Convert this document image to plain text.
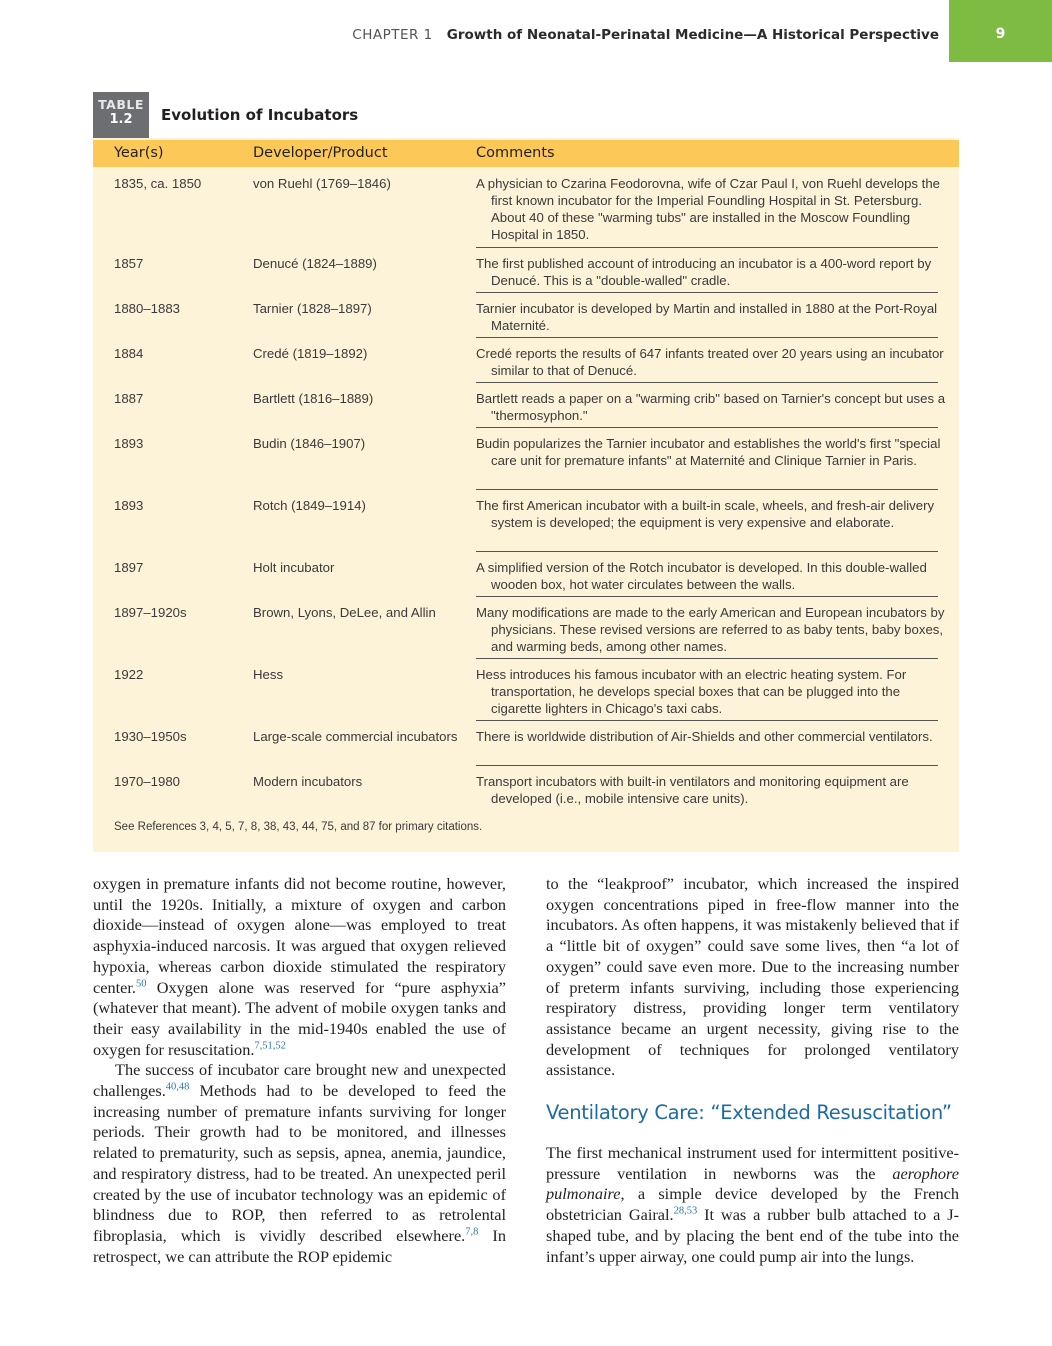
CHAPTER 1 Growth of Neonatal-Perinatal Medicine—A Historical Perspective	9
TABLE
1.2	Evolution of Incubators
Year(s)	Developer/Product	Comments
1835, ca. 1850	von Ruehl (1769–1846)	A physician to Czarina Feodorovna, wife of Czar Paul I, von Ruehl develops the first known incubator for the Imperial Foundling Hospital in St. Petersburg. About 40 of these "warming tubs" are installed in the Moscow Foundling Hospital in 1850.
1857	Denucé (1824–1889)	The first published account of introducing an incubator is a 400-word report by Denucé. This is a "double-walled" cradle.
1880–1883	Tarnier (1828–1897)	Tarnier incubator is developed by Martin and installed in 1880 at the Port-Royal Maternité.
1884	Credé (1819–1892)	Credé reports the results of 647 infants treated over 20 years using an incubator similar to that of Denucé.
1887	Bartlett (1816–1889)	Bartlett reads a paper on a "warming crib" based on Tarnier's concept but uses a "thermosyphon."
1893	Budin (1846–1907)	Budin popularizes the Tarnier incubator and establishes the world's first "special care unit for premature infants" at Maternité and Clinique Tarnier in Paris.
1893	Rotch (1849–1914)	The first American incubator with a built-in scale, wheels, and fresh-air delivery system is developed; the equipment is very expensive and elaborate.
1897	Holt incubator	A simplified version of the Rotch incubator is developed. In this double-walled wooden box, hot water circulates between the walls.
1897–1920s	Brown, Lyons, DeLee, and Allin	Many modifications are made to the early American and European incubators by physicians. These revised versions are referred to as baby tents, baby boxes, and warming beds, among other names.
1922	Hess	Hess introduces his famous incubator with an electric heating system. For transportation, he develops special boxes that can be plugged into the cigarette lighters in Chicago's taxi cabs.
1930–1950s	Large-scale commercial incubators	There is worldwide distribution of Air-Shields and other commercial ventilators.
1970–1980	Modern incubators	Transport incubators with built-in ventilators and monitoring equipment are developed (i.e., mobile intensive care units).
See References 3, 4, 5, 7, 8, 38, 43, 44, 75, and 87 for primary citations.

oxygen in premature infants did not become routine, however, until the 1920s. Initially, a mixture of oxygen and carbon dioxide—instead of oxygen alone—was employed to treat asphyxia-induced narcosis. It was argued that oxygen relieved hypoxia, whereas carbon dioxide stimulated the respiratory center.$^{50}$ Oxygen alone was reserved for “pure asphyxia” (whatever that meant). The advent of mobile oxygen tanks and their easy availability in the mid-1940s enabled the use of oxygen for resuscitation.$^{7,51,52}$

The success of incubator care brought new and unexpected challenges.$^{40,48}$ Methods had to be developed to feed the increasing number of premature infants surviving for longer periods. Their growth had to be monitored, and illnesses related to prematurity, such as sepsis, apnea, anemia, jaundice, and respiratory distress, had to be treated. An unexpected peril created by the use of incubator technology was an epidemic of blindness due to ROP, then referred to as retrolental fibroplasia, which is vividly described elsewhere.$^{7,8}$ In retrospect, we can attribute the ROP epidemic

to the “leakproof” incubator, which increased the inspired oxygen concentrations piped in free-flow manner into the incubators. As often happens, it was mistakenly believed that if a “little bit of oxygen” could save some lives, then “a lot of oxygen” could save even more. Due to the increasing number of preterm infants surviving, including those experiencing respiratory distress, providing longer term ventilatory assistance became an urgent necessity, giving rise to the development of techniques for prolonged ventilatory assistance.

Ventilatory Care: “Extended Resuscitation”

The first mechanical instrument used for intermittent positive-pressure ventilation in newborns was the aerophore pulmonaire, a simple device developed by the French obstetrician Gairal.$^{28,53}$ It was a rubber bulb attached to a J-shaped tube, and by placing the bent end of the tube into the infant’s upper airway, one could pump air into the lungs.
